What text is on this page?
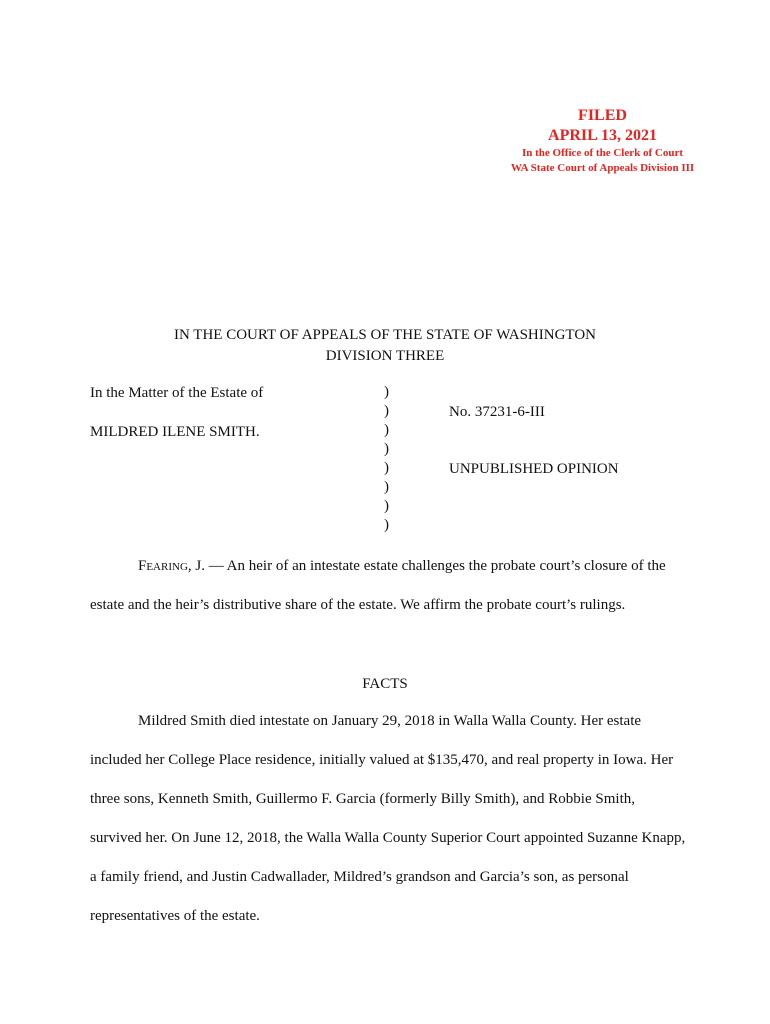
FILED
APRIL 13, 2021
In the Office of the Clerk of Court
WA State Court of Appeals Division III
IN THE COURT OF APPEALS OF THE STATE OF WASHINGTON
DIVISION THREE
In the Matter of the Estate of
MILDRED ILENE SMITH.
)
)
)
)
)
)
)
)
No. 37231-6-III
UNPUBLISHED OPINION

Fearing, J. — An heir of an intestate estate challenges the probate court’s closure of the estate and the heir’s distributive share of the estate. We affirm the probate court’s rulings.

FACTS

Mildred Smith died intestate on January 29, 2018 in Walla Walla County. Her estate included her College Place residence, initially valued at $135,470, and real property in Iowa. Her three sons, Kenneth Smith, Guillermo F. Garcia (formerly Billy Smith), and Robbie Smith, survived her. On June 12, 2018, the Walla Walla County Superior Court appointed Suzanne Knapp, a family friend, and Justin Cadwallader, Mildred’s grandson and Garcia’s son, as personal representatives of the estate.
